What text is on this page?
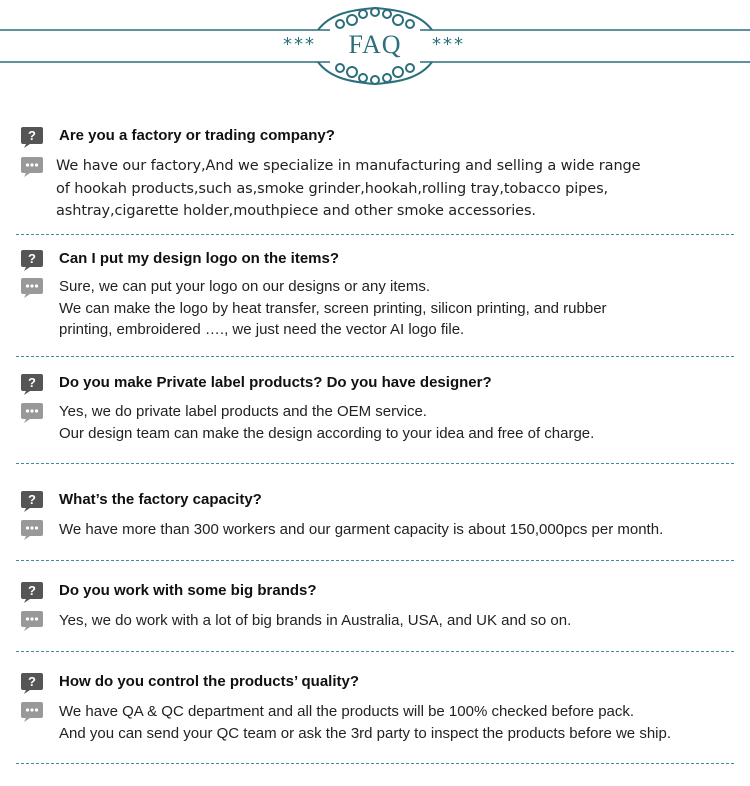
***	FAQ	***
? Are you a factory or trading company?
We have our factory,And we specialize in manufacturing and selling a wide range
of hookah products,such as,smoke grinder,hookah,rolling tray,tobacco pipes,
ashtray,cigarette holder,mouthpiece and other smoke accessories.
? Can I put my design logo on the items?
Sure, we can put your logo on our designs or any items.
We can make the logo by heat transfer, screen printing, silicon printing, and rubber
printing, embroidered …., we just need the vector AI logo file.
? Do you make Private label products? Do you have designer?
Yes, we do private label products and the OEM service.
Our design team can make the design according to your idea and free of charge.
? What’s the factory capacity?
We have more than 300 workers and our garment capacity is about 150,000pcs per month.
? Do you work with some big brands?
Yes, we do work with a lot of big brands in Australia, USA, and UK and so on.
? How do you control the products’ quality?
We have QA & QC department and all the products will be 100% checked before pack.
And you can send your QC team or ask the 3rd party to inspect the products before we ship.
